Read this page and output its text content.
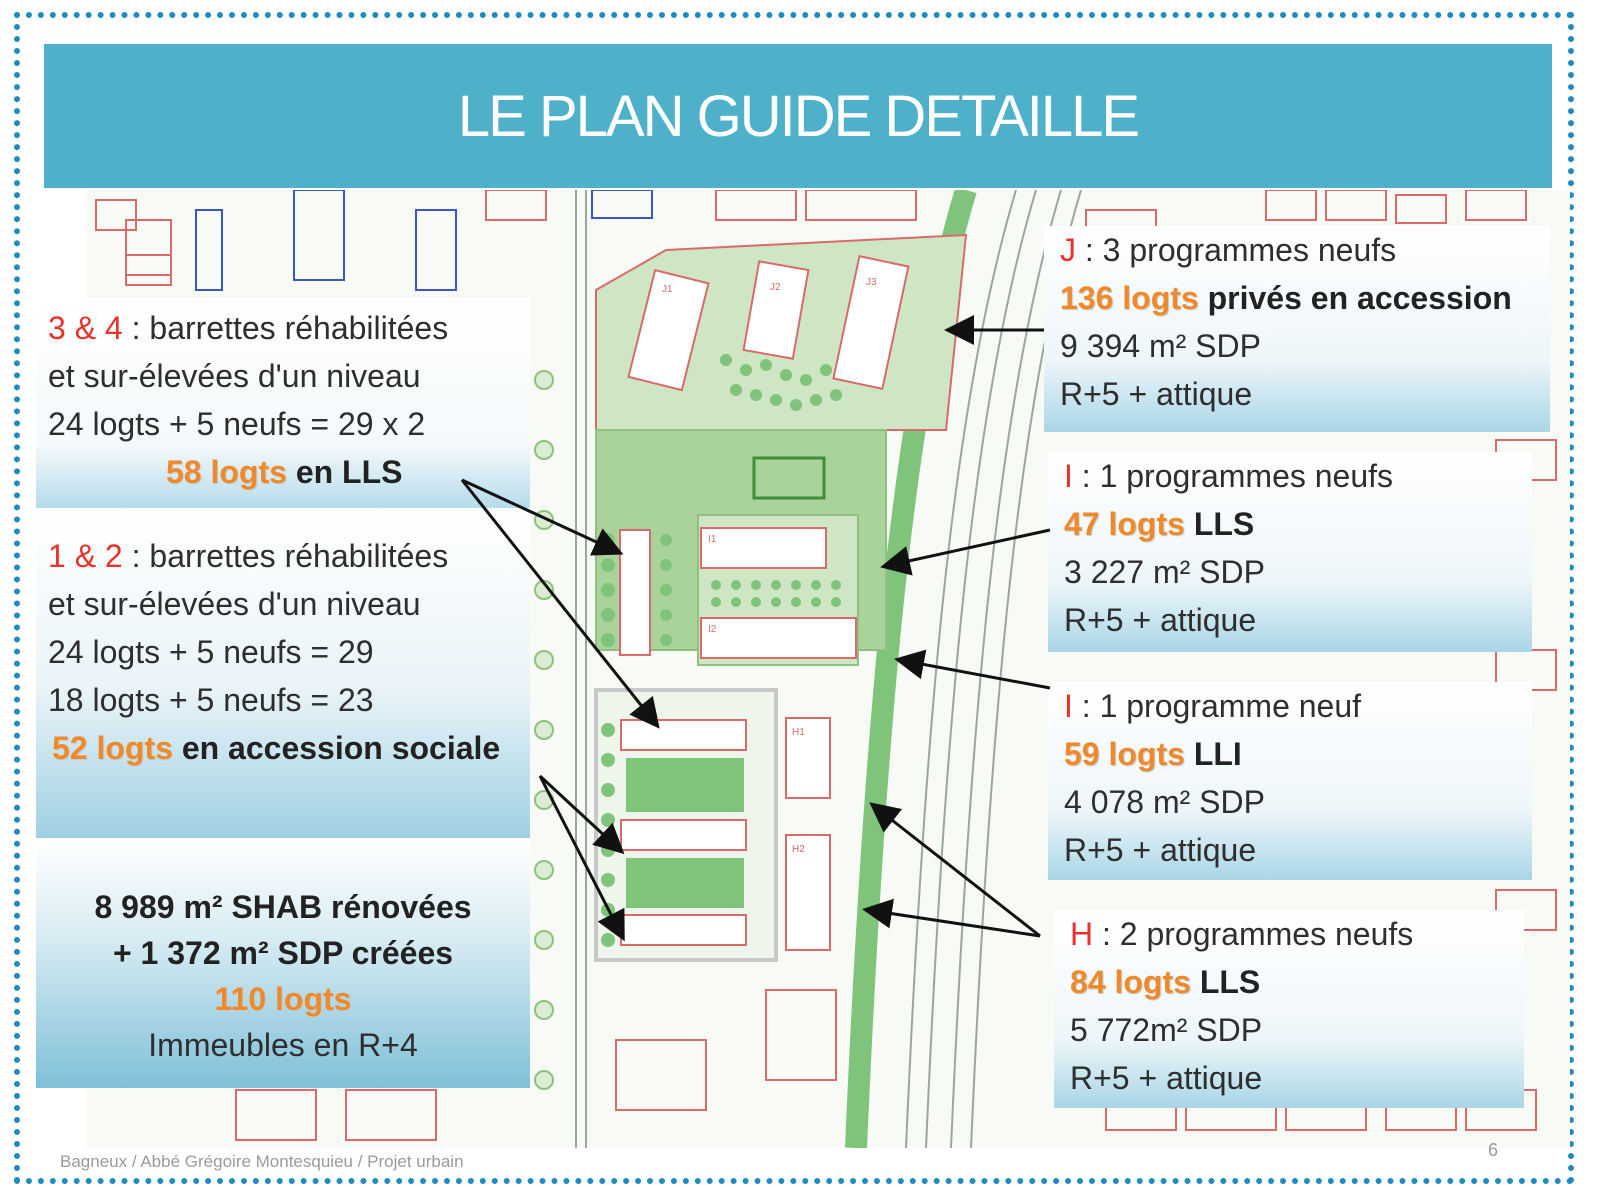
LE PLAN GUIDE DETAILLE
J1	J2	J3
I1
I2
H1
H2
3 & 4 : barrettes réhabilitées
et sur-élevées d'un niveau
24 logts + 5 neufs = 29 x 2
58 logts en LLS
1 & 2 : barrettes réhabilitées
et sur-élevées d'un niveau
24 logts + 5 neufs = 29
18 logts + 5 neufs = 23
52 logts en accession sociale
8 989 m² SHAB rénovées
+ 1 372 m² SDP créées
110 logts
Immeubles en R+4
J : 3 programmes neufs
136 logts privés en accession
9 394 m² SDP
R+5 + attique
I : 1 programmes neufs
47 logts LLS
3 227 m² SDP
R+5 + attique
I : 1 programme neuf
59 logts LLI
4 078 m² SDP
R+5 + attique
H : 2 programmes neufs
84 logts LLS
5 772m² SDP
R+5 + attique
Bagneux / Abbé Grégoire Montesquieu / Projet urbain
6
